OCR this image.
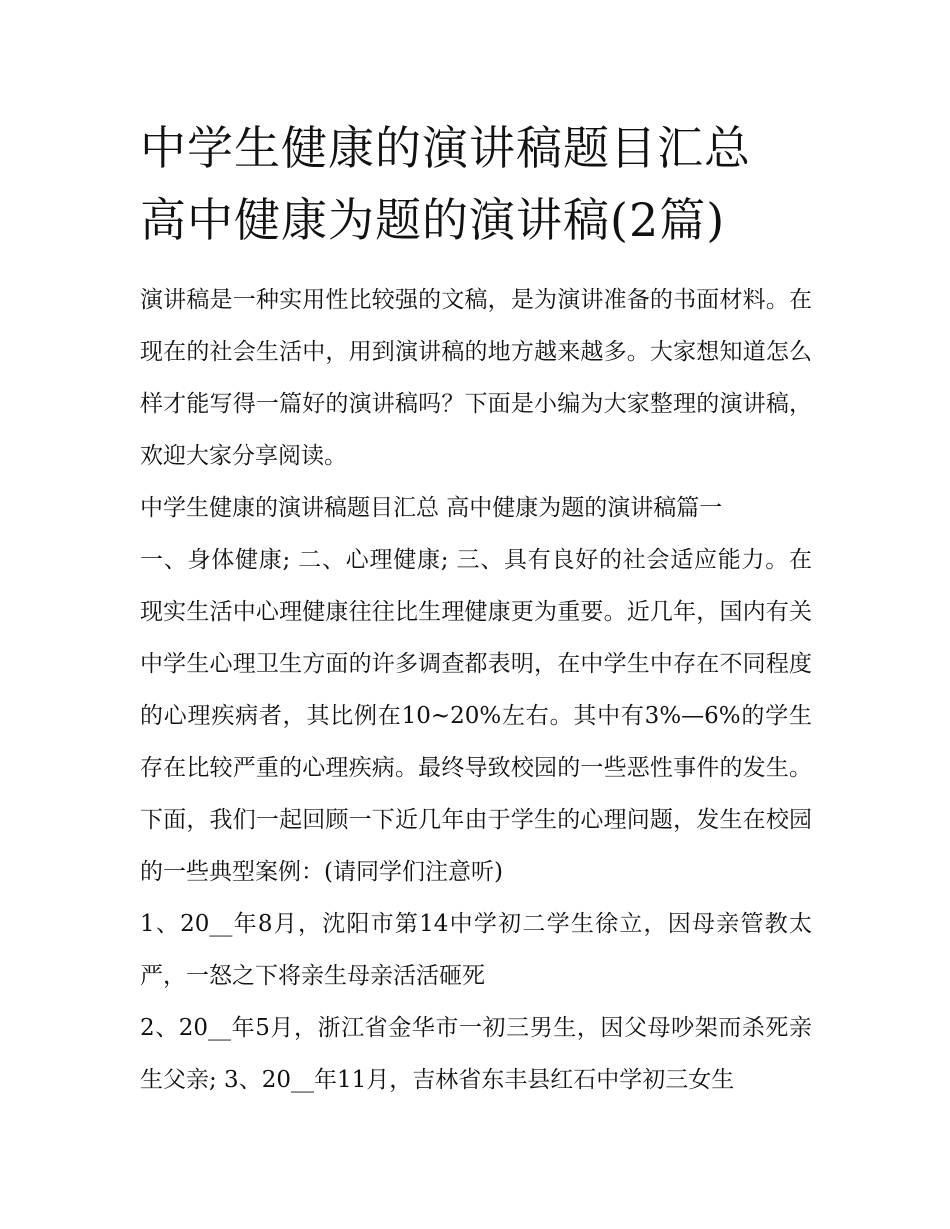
中学生健康的演讲稿题目汇总 高中健康为题的演讲稿(2篇)

演讲稿是一种实用性比较强的文稿，是为演讲准备的书面材料。在现在的社会生活中，用到演讲稿的地方越来越多。大家想知道怎么样才能写得一篇好的演讲稿吗？下面是小编为大家整理的演讲稿，欢迎大家分享阅读。

中学生健康的演讲稿题目汇总 高中健康为题的演讲稿篇一

一、身体健康; 二、心理健康; 三、具有良好的社会适应能力。在现实生活中心理健康往往比生理健康更为重要。近几年，国内有关中学生心理卫生方面的许多调查都表明，在中学生中存在不同程度的心理疾病者，其比例在10~20%左右。其中有3%—6%的学生存在比较严重的心理疾病。最终导致校园的一些恶性事件的发生。下面，我们一起回顾一下近几年由于学生的心理问题，发生在校园的一些典型案例：(请同学们注意听)

1、20__年8月，沈阳市第14中学初二学生徐立，因母亲管教太严，一怒之下将亲生母亲活活砸死

2、20__年5月，浙江省金华市一初三男生，因父母吵架而杀死亲生父亲; 3、20__年11月，吉林省东丰县红石中学初三女生
